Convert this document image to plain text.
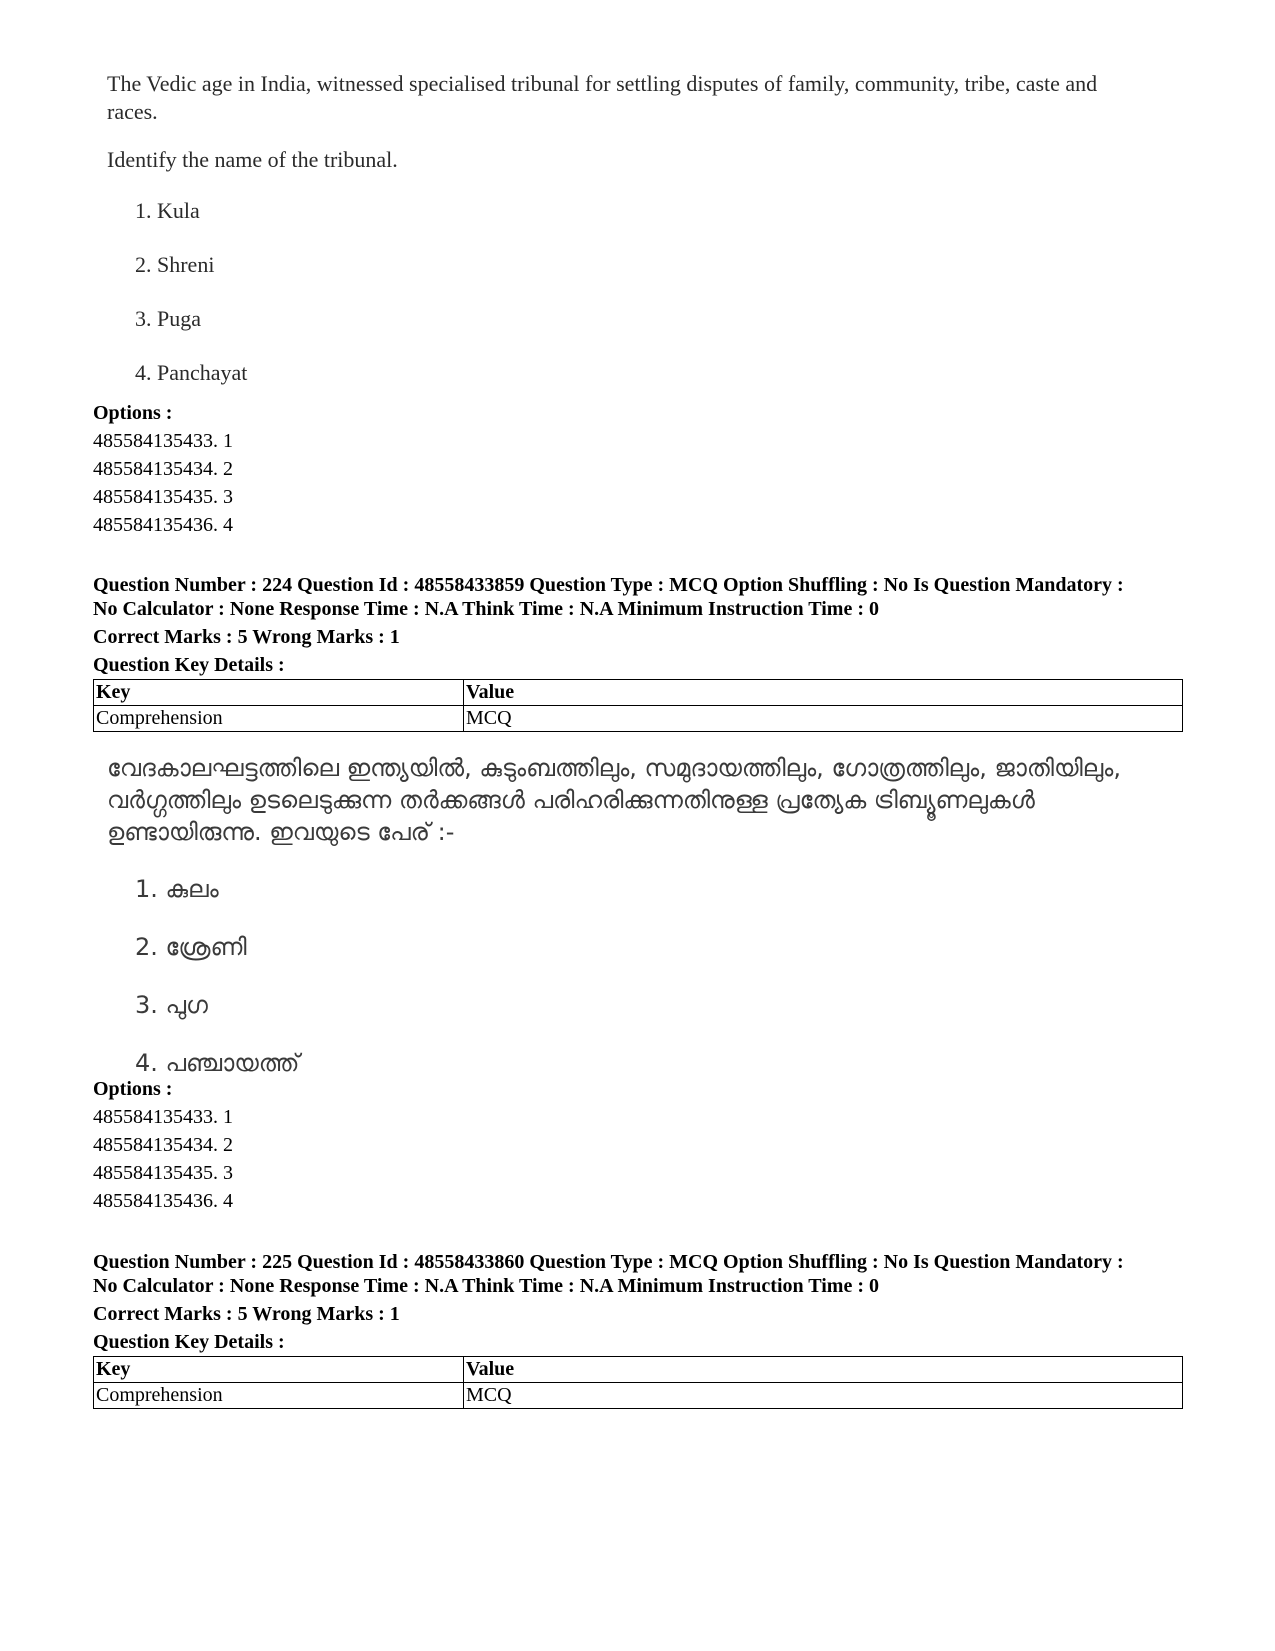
The Vedic age in India, witnessed specialised tribunal for settling disputes of family, community, tribe, caste and races.

Identify the name of the tribunal.

1. Kula
2. Shreni
3. Puga
4. Panchayat
Options :
485584135433. 1
485584135434. 2
485584135435. 3
485584135436. 4
Question Number : 224 Question Id : 48558433859 Question Type : MCQ Option Shuffling : No Is Question Mandatory :
No Calculator : None Response Time : N.A Think Time : N.A Minimum Instruction Time : 0
Correct Marks : 5 Wrong Marks : 1
Question Key Details :
Key	Value
Comprehension	MCQ

വേദകാലഘട്ടത്തിലെ ഇന്ത്യയിൽ, കുടുംബത്തിലും, സമുദായത്തിലും, ഗോത്രത്തിലും, ജാതിയിലും, വർഗ്ഗത്തിലും ഉടലെടുക്കുന്ന തർക്കങ്ങൾ പരിഹരിക്കുന്നതിനുള്ള പ്രത്യേക ട്രിബ്യൂണലുകൾ ഉണ്ടായിരുന്നു. ഇവയുടെ പേര് :-

1. കുലം
2. ശ്രേണി
3. പുഗ
4. പഞ്ചായത്ത്
Options :
485584135433. 1
485584135434. 2
485584135435. 3
485584135436. 4
Question Number : 225 Question Id : 48558433860 Question Type : MCQ Option Shuffling : No Is Question Mandatory :
No Calculator : None Response Time : N.A Think Time : N.A Minimum Instruction Time : 0
Correct Marks : 5 Wrong Marks : 1
Question Key Details :
Key	Value
Comprehension	MCQ
